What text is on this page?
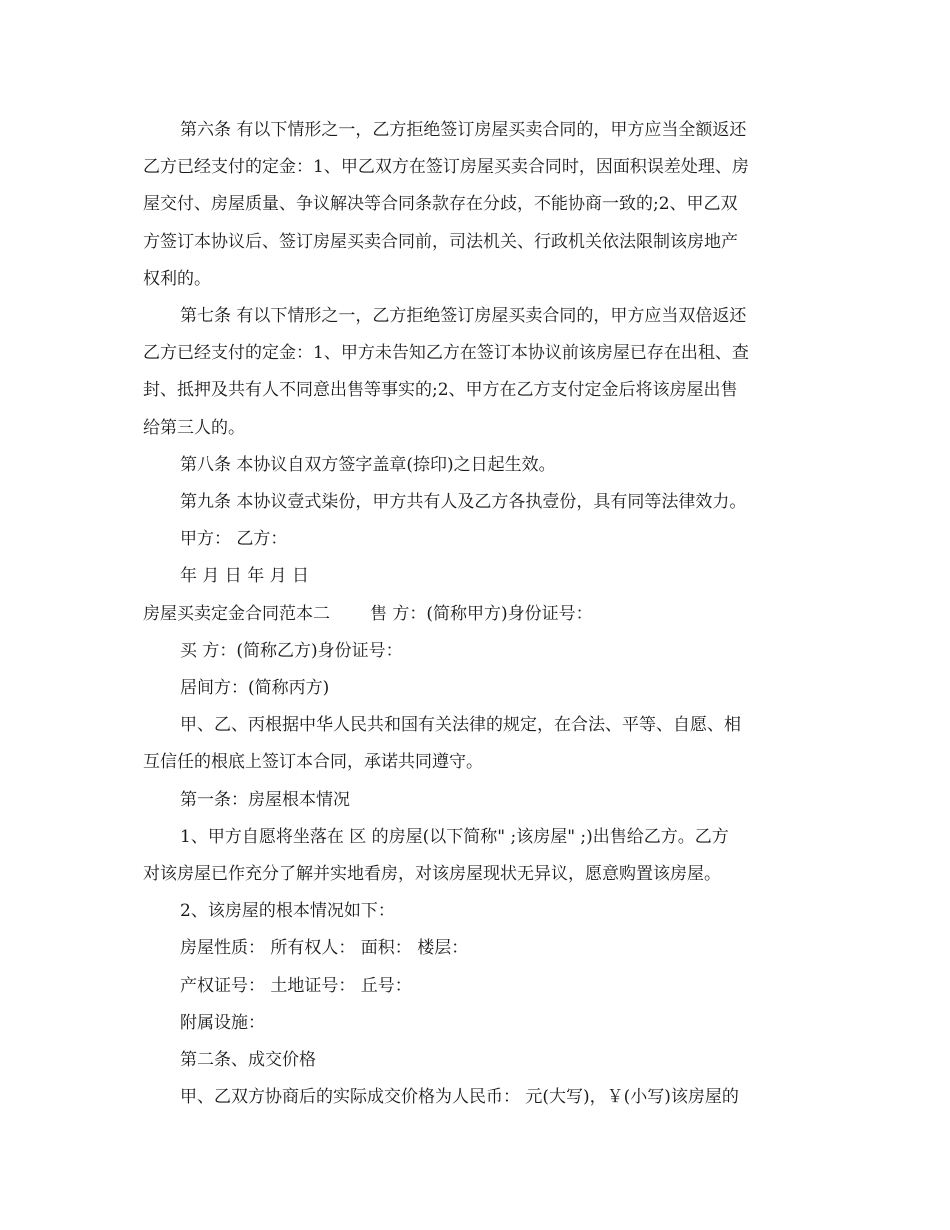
第六条 有以下情形之一，乙方拒绝签订房屋买卖合同的，甲方应当全额返还
乙方已经支付的定金：1、甲乙双方在签订房屋买卖合同时，因面积误差处理、房
屋交付、房屋质量、争议解决等合同条款存在分歧，不能协商一致的;2、甲乙双
方签订本协议后、签订房屋买卖合同前，司法机关、行政机关依法限制该房地产
权利的。

第七条 有以下情形之一，乙方拒绝签订房屋买卖合同的，甲方应当双倍返还
乙方已经支付的定金：1、甲方未告知乙方在签订本协议前该房屋已存在出租、查
封、抵押及共有人不同意出售等事实的;2、甲方在乙方支付定金后将该房屋出售
给第三人的。

第八条 本协议自双方签字盖章(捺印)之日起生效。

第九条 本协议壹式柒份，甲方共有人及乙方各执壹份，具有同等法律效力。

甲方： 乙方：

年 月 日 年 月 日

房屋买卖定金合同范本二 售 方：(简称甲方)身份证号：

买 方：(简称乙方)身份证号：

居间方：(简称丙方)

甲、乙、丙根据中华人民共和国有关法律的规定，在合法、平等、自愿、相
互信任的根底上签订本合同，承诺共同遵守。

第一条：房屋根本情况

1、甲方自愿将坐落在 区 的房屋(以下简称" ;该房屋" ;)出售给乙方。乙方
对该房屋已作充分了解并实地看房，对该房屋现状无异议，愿意购置该房屋。

2、该房屋的根本情况如下：

房屋性质： 所有权人： 面积： 楼层：

产权证号： 土地证号： 丘号：

附属设施：

第二条、成交价格

甲、乙双方协商后的实际成交价格为人民币： 元(大写)，￥(小写)该房屋的
